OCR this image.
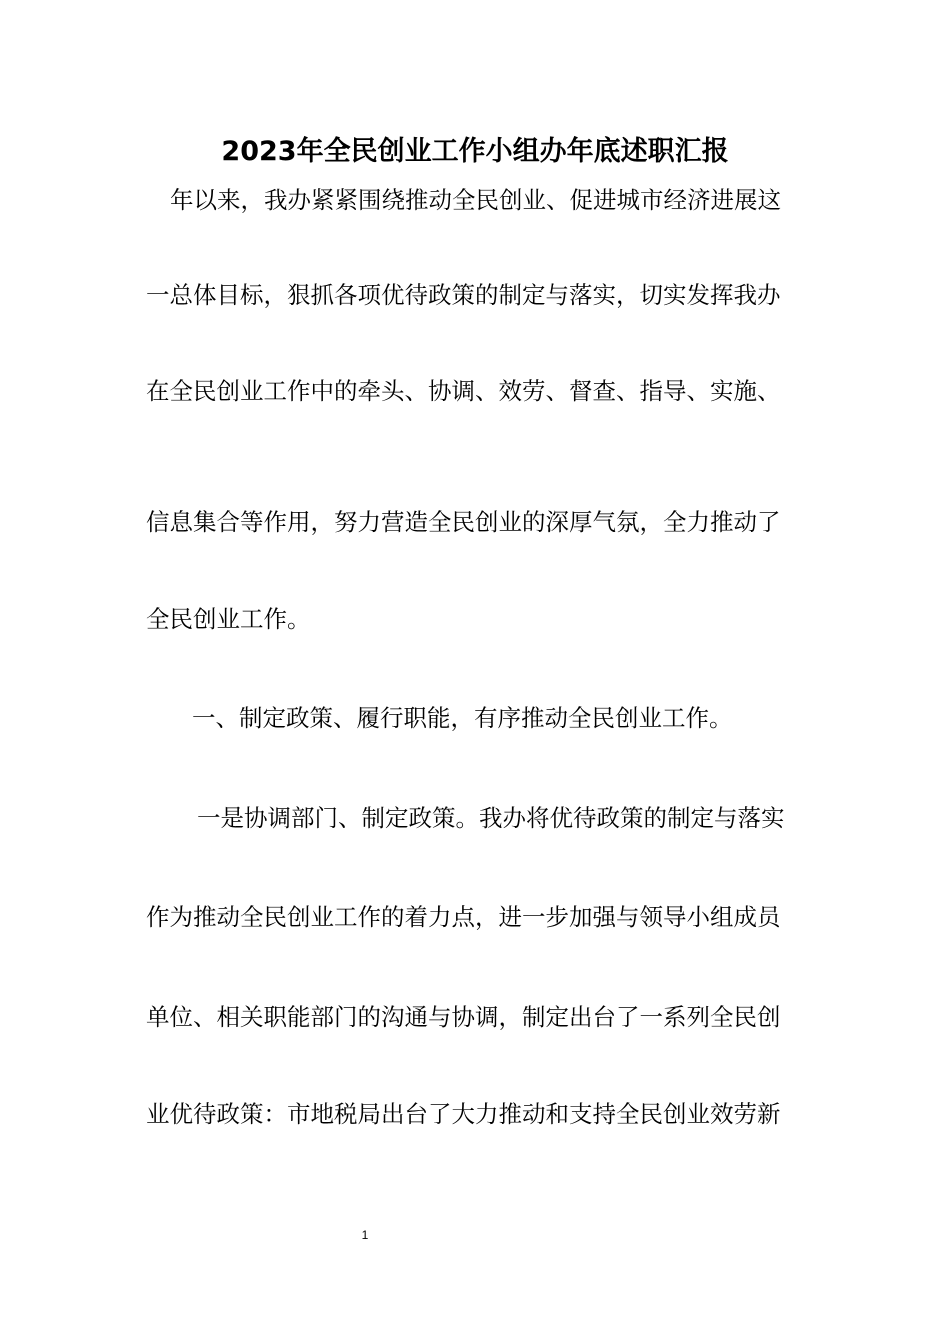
2023年全民创业工作小组办年底述职汇报
年以来，我办紧紧围绕推动全民创业、促进城市经济进展这
一总体目标，狠抓各项优待政策的制定与落实，切实发挥我办
在全民创业工作中的牵头、协调、效劳、督查、指导、实施、
信息集合等作用，努力营造全民创业的深厚气氛，全力推动了
全民创业工作。
一、制定政策、履行职能，有序推动全民创业工作。
一是协调部门、制定政策。我办将优待政策的制定与落实
作为推动全民创业工作的着力点，进一步加强与领导小组成员
单位、相关职能部门的沟通与协调，制定出台了一系列全民创
业优待政策：市地税局出台了大力推动和支持全民创业效劳新
1
